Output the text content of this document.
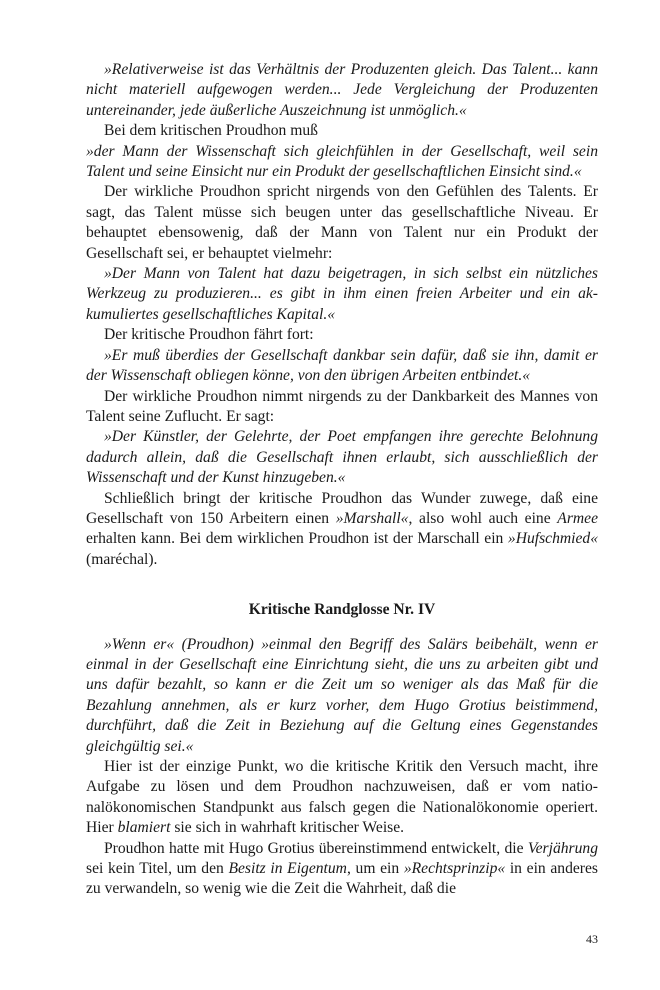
»Relativerweise ist das Verhältnis der Produzenten gleich. Das Talent... kann nicht materiell aufgewogen werden... Jede Vergleichung der Produzenten untereinander, jede äußerliche Auszeichnung ist unmöglich.«

Bei dem kritischen Proudhon muß

»der Mann der Wissenschaft sich gleichfühlen in der Gesellschaft, weil sein Talent und seine Einsicht nur ein Produkt der gesellschaftlichen Einsicht sind.«

Der wirkliche Proudhon spricht nirgends von den Gefühlen des Talents. Er sagt, das Talent müsse sich beugen unter das gesellschaftliche Niveau. Er behauptet ebensowenig, daß der Mann von Talent nur ein Produkt der Gesellschaft sei, er behauptet vielmehr:

»Der Mann von Talent hat dazu beigetragen, in sich selbst ein nützliches Werkzeug zu produzieren... es gibt in ihm einen freien Arbeiter und ein akkumuliertes gesellschaftliches Kapital.«

Der kritische Proudhon fährt fort:

»Er muß überdies der Gesellschaft dankbar sein dafür, daß sie ihn, damit er der Wissenschaft obliegen könne, von den übrigen Arbeiten entbindet.«

Der wirkliche Proudhon nimmt nirgends zu der Dankbarkeit des Mannes von Talent seine Zuflucht. Er sagt:

»Der Künstler, der Gelehrte, der Poet empfangen ihre gerechte Belohnung dadurch allein, daß die Gesellschaft ihnen erlaubt, sich ausschließlich der Wissenschaft und der Kunst hinzugeben.«

Schließlich bringt der kritische Proudhon das Wunder zuwege, daß eine Gesellschaft von 150 Arbeitern einen »Marshall«, also wohl auch eine Armee erhalten kann. Bei dem wirklichen Proudhon ist der Marschall ein »Hufschmied« (maréchal).

Kritische Randglosse Nr. IV

»Wenn er« (Proudhon) »einmal den Begriff des Salärs beibehält, wenn er einmal in der Gesellschaft eine Einrichtung sieht, die uns zu arbeiten gibt und uns dafür bezahlt, so kann er die Zeit um so weniger als das Maß für die Bezahlung annehmen, als er kurz vorher, dem Hugo Grotius beistimmend, durchführt, daß die Zeit in Beziehung auf die Geltung eines Gegenstandes gleichgültig sei.«

Hier ist der einzige Punkt, wo die kritische Kritik den Versuch macht, ihre Aufgabe zu lösen und dem Proudhon nachzuweisen, daß er vom nationalökonomischen Standpunkt aus falsch gegen die Nationalökonomie operiert. Hier blamiert sie sich in wahrhaft kritischer Weise.

Proudhon hatte mit Hugo Grotius übereinstimmend entwickelt, die Verjährung sei kein Titel, um den Besitz in Eigentum, um ein »Rechtsprinzip« in ein anderes zu verwandeln, so wenig wie die Zeit die Wahrheit, daß die

43
